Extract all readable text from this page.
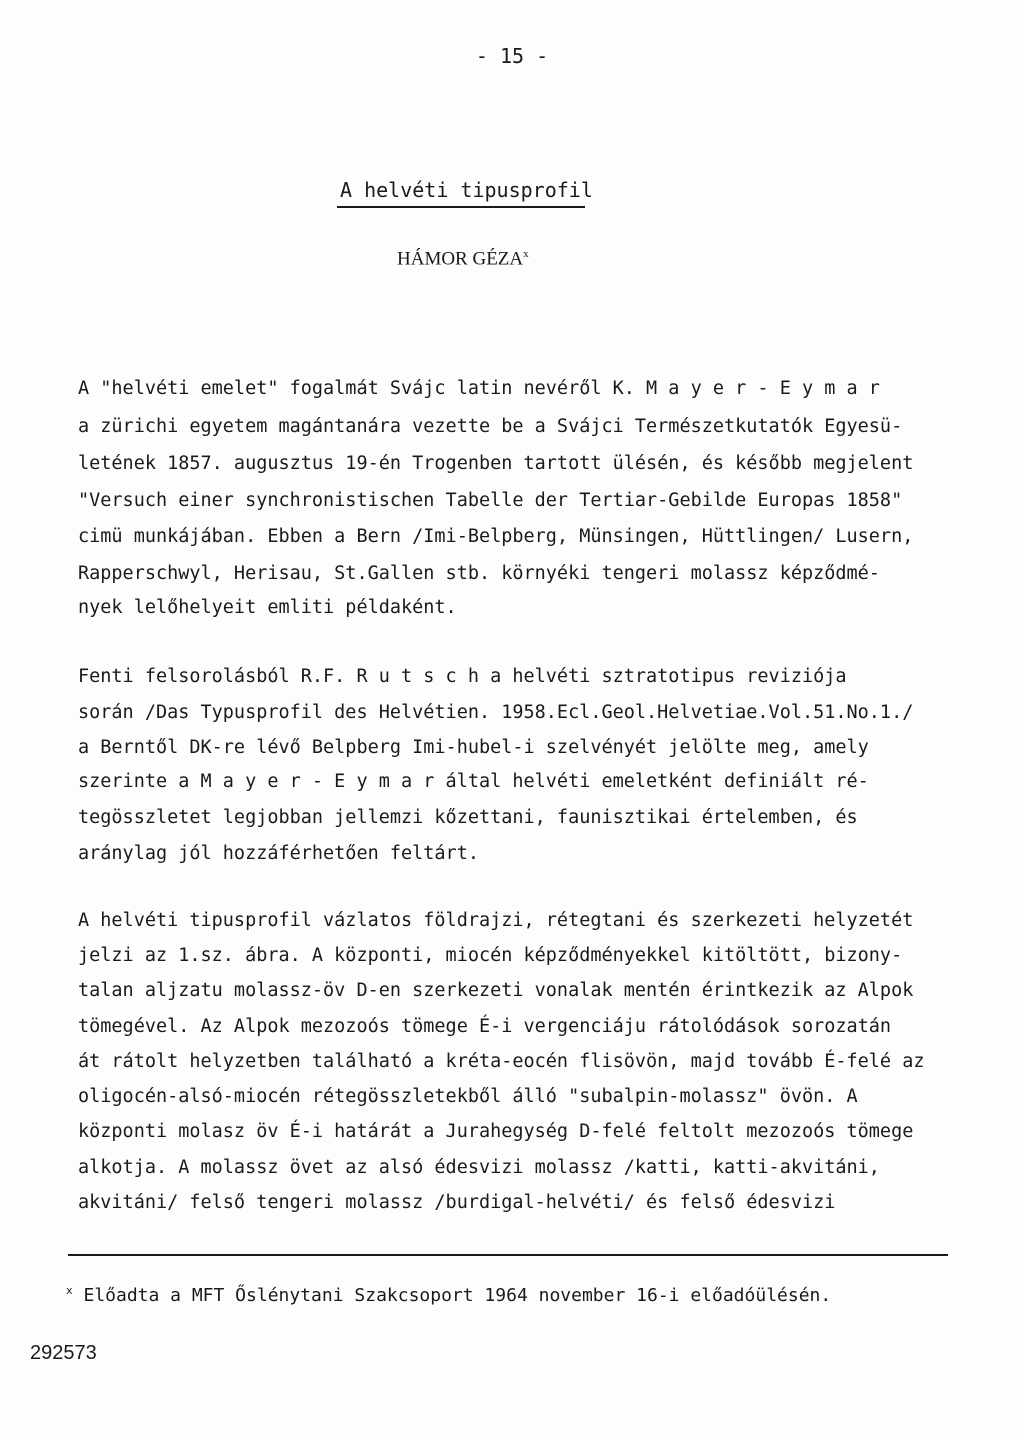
- 15 -
A helvéti tipusprofil
HÁMOR GÉZA$^x$
A "helvéti emelet" fogalmát Svájc latin nevéről K. M a y e r - E y m a r
a zürichi egyetem magántanára vezette be a Svájci Természetkutatók Egyesü-
letének 1857. augusztus 19-én Trogenben tartott ülésén, és később megjelent
"Versuch einer synchronistischen Tabelle der Tertiar-Gebilde Europas 1858"
cimü munkájában. Ebben a Bern /Imi-Belpberg, Münsingen, Hüttlingen/ Lusern,
Rapperschwyl, Herisau, St.Gallen stb. környéki tengeri molassz képződmé-
nyek lelőhelyeit emliti példaként.
Fenti felsorolásból R.F. R u t s c h a helvéti sztratotipus reviziója
során /Das Typusprofil des Helvétien. 1958.Ecl.Geol.Helvetiae.Vol.51.No.1./
a Berntől DK-re lévő Belpberg Imi-hubel-i szelvényét jelölte meg, amely
szerinte a M a y e r - E y m a r által helvéti emeletként definiált ré-
tegösszletet legjobban jellemzi kőzettani, faunisztikai értelemben, és
aránylag jól hozzáférhetően feltárt.
A helvéti tipusprofil vázlatos földrajzi, rétegtani és szerkezeti helyzetét
jelzi az 1.sz. ábra. A központi, miocén képződményekkel kitöltött, bizony-
talan aljzatu molassz-öv D-en szerkezeti vonalak mentén érintkezik az Alpok
tömegével. Az Alpok mezozoós tömege É-i vergenciáju rátolódások sorozatán
át rátolt helyzetben található a kréta-eocén flisövön, majd tovább É-felé az
oligocén-alsó-miocén rétegösszletekből álló "subalpin-molassz" övön. A
központi molasz öv É-i határát a Jurahegység D-felé feltolt mezozoós tömege
alkotja. A molassz övet az alsó édesvizi molassz /katti, katti-akvitáni,
akvitáni/ felső tengeri molassz /burdigal-helvéti/ és felső édesvizi
$^x$ Előadta a MFT Őslénytani Szakcsoport 1964 november 16-i előadóülésén.
292573
